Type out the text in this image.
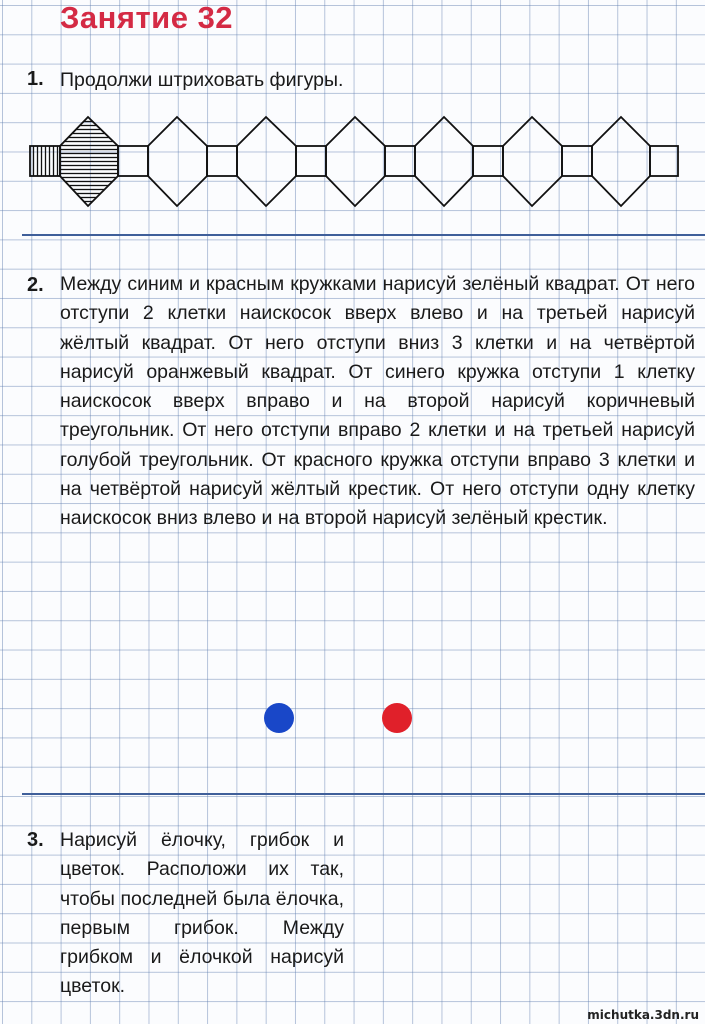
Занятие 32
1. Продолжи штриховать фигуры.
2. Между синим и красным кружками нарисуй зелёный квадрат. От него отступи 2 клетки наискосок вверх влево и на третьей нарисуй жёлтый квадрат. От него отступи вниз 3 клетки и на четвёртой нарисуй оранжевый квадрат. От синего кружка отступи 1 клетку наискосок вверх вправо и на второй нарисуй коричневый треугольник. От него отступи вправо 2 клетки и на третьей нарисуй голубой треугольник. От красного кружка отступи вправо 3 клетки и на четвёртой нарисуй жёлтый крестик. От него отступи одну клетку наискосок вниз влево и на второй нарисуй зелёный крестик.
3. Нарисуй ёлочку, грибок и цветок. Расположи их так, чтобы последней была ёлочка, первым грибок. Между грибком и ёлочкой нарисуй цветок.
michutka.3dn.ru
